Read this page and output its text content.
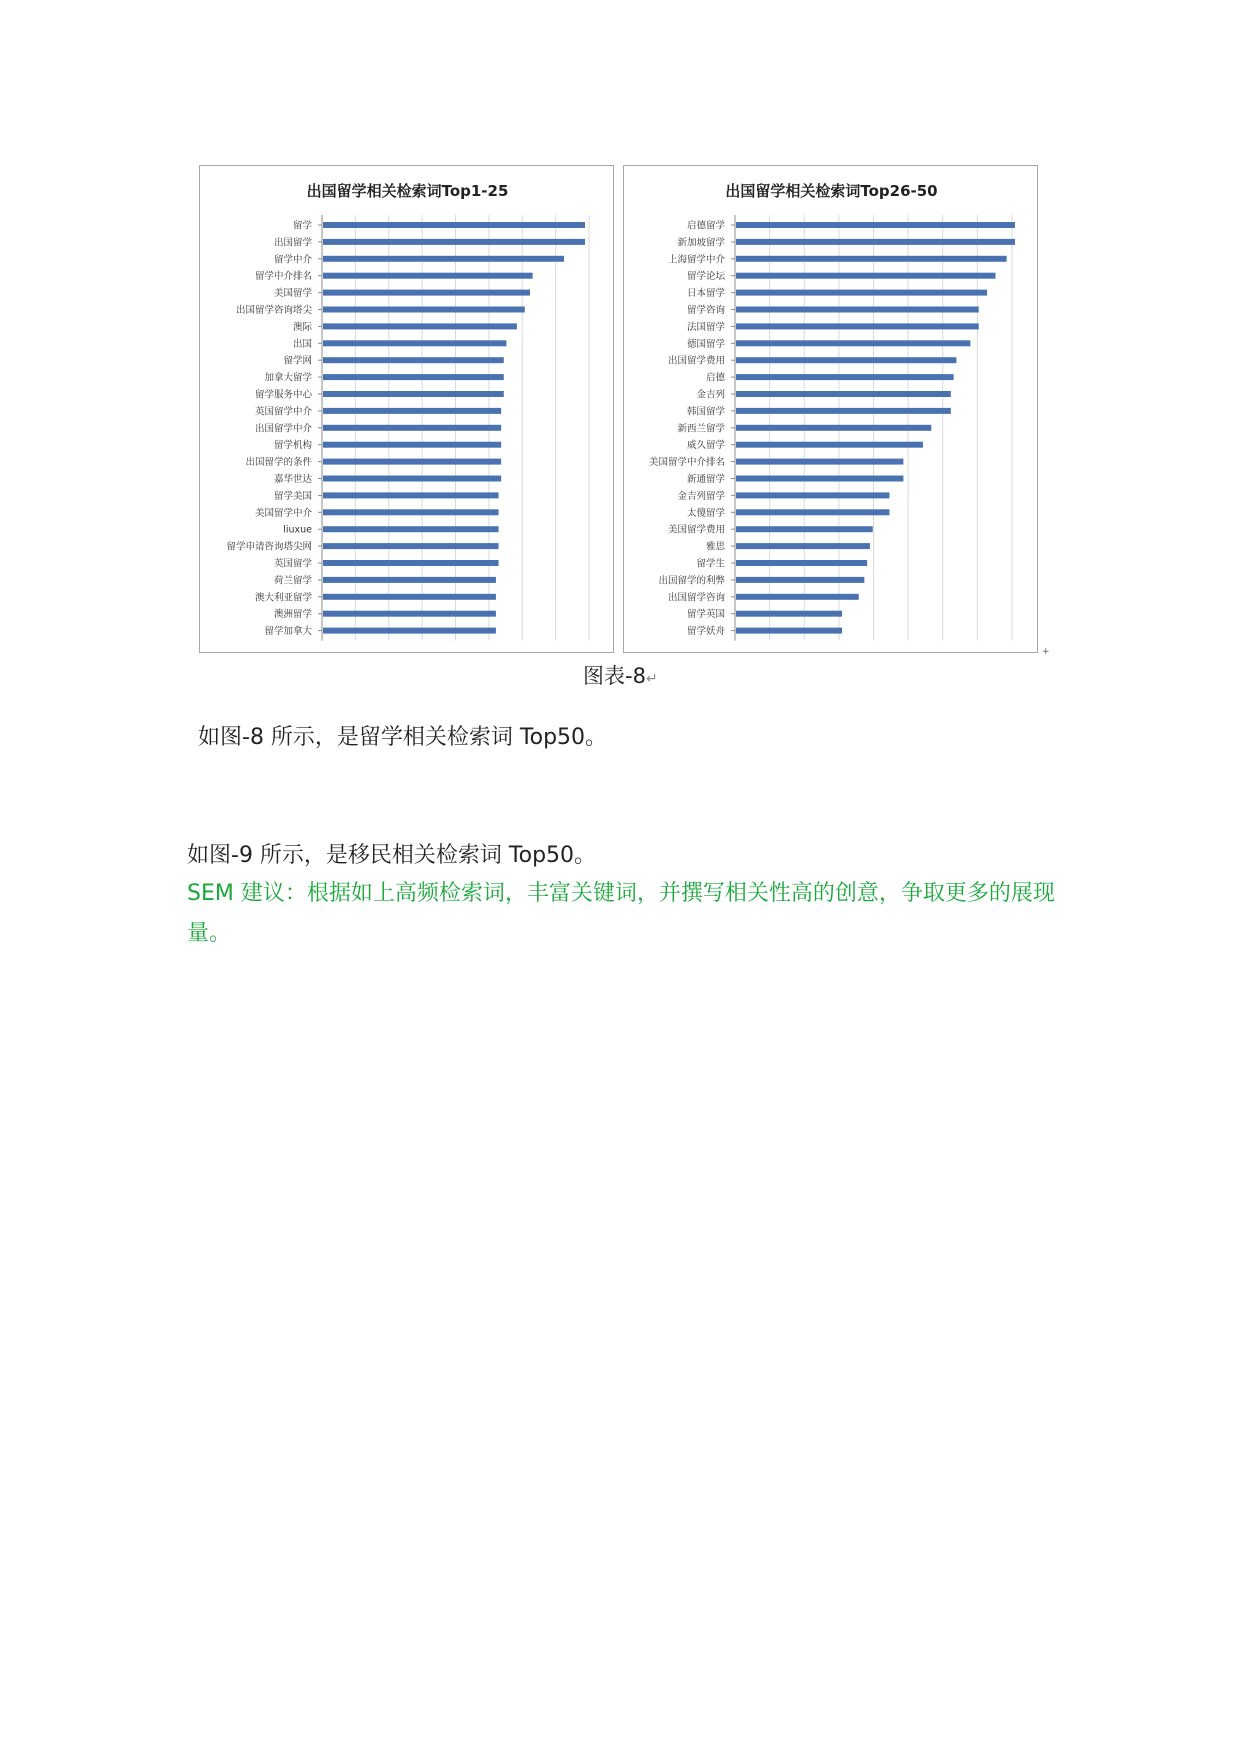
出国留学相关检索词Top1-25
留学
出国留学
留学中介
留学中介排名
美国留学
出国留学咨询塔尖
澳际
出国
留学网
加拿大留学
留学服务中心
英国留学中介
出国留学中介
留学机构
出国留学的条件
嘉华世达
留学美国
美国留学中介
liuxue
留学申请咨询塔尖网
英国留学
荷兰留学
澳大利亚留学
澳洲留学
留学加拿大
出国留学相关检索词Top26-50
启德留学
新加坡留学
上海留学中介
留学论坛
日本留学
留学咨询
法国留学
德国留学
出国留学费用
启德
金吉列
韩国留学
新西兰留学
威久留学
美国留学中介排名
新通留学
金吉列留学
太傻留学
美国留学费用
雅思
留学生
出国留学的利弊
出国留学咨询
留学英国
留学妖舟
+
图表-8↵
如图-8 所示，是留学相关检索词 Top50。
如图-9 所示，是移民相关检索词 Top50。
SEM 建议：根据如上高频检索词，丰富关键词，并撰写相关性高的创意，争取更多的展现量。
